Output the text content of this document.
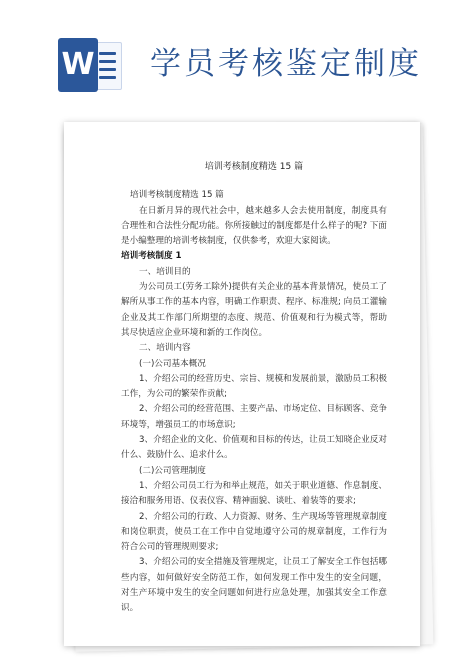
W 学员考核鉴定制度
培训考核制度精选 15 篇

培训考核制度精选 15 篇

在日新月异的现代社会中，越来越多人会去使用制度，制度具有合理性和合法性分配功能。你所接触过的制度都是什么样子的呢? 下面是小编整理的培训考核制度，仅供参考，欢迎大家阅读。

培训考核制度 1

一、培训目的

为公司员工(劳务工除外)提供有关企业的基本背景情况，使员工了解所从事工作的基本内容，明确工作职责、程序、标准规; 向员工灌输企业及其工作部门所期望的态度、规范、价值观和行为模式等，帮助其尽快适应企业环境和新的工作岗位。

二、培训内容

(一)公司基本概况

1、介绍公司的经营历史、宗旨、规模和发展前景，激励员工积极工作，为公司的繁荣作贡献;

2、介绍公司的经营范围、主要产品、市场定位、目标顾客、竞争环境等，增强员工的市场意识;

3、介绍企业的文化、价值观和目标的传达，让员工知晓企业反对什么、鼓励什么、追求什么。

(二)公司管理制度

1、介绍公司员工行为和举止规范，如关于职业道德、作息制度、接洽和服务用语、仪表仪容、精神面貌、谈吐、着装等的要求;

2、介绍公司的行政、人力资源、财务、生产现场等管理规章制度和岗位职责，使员工在工作中自觉地遵守公司的规章制度，工作行为符合公司的管理规则要求;

3、介绍公司的安全措施及管理规定，让员工了解安全工作包括哪些内容，如何做好安全防范工作，如何发现工作中发生的安全问题，对生产环境中发生的安全问题如何进行应急处理，加强其安全工作意识。
